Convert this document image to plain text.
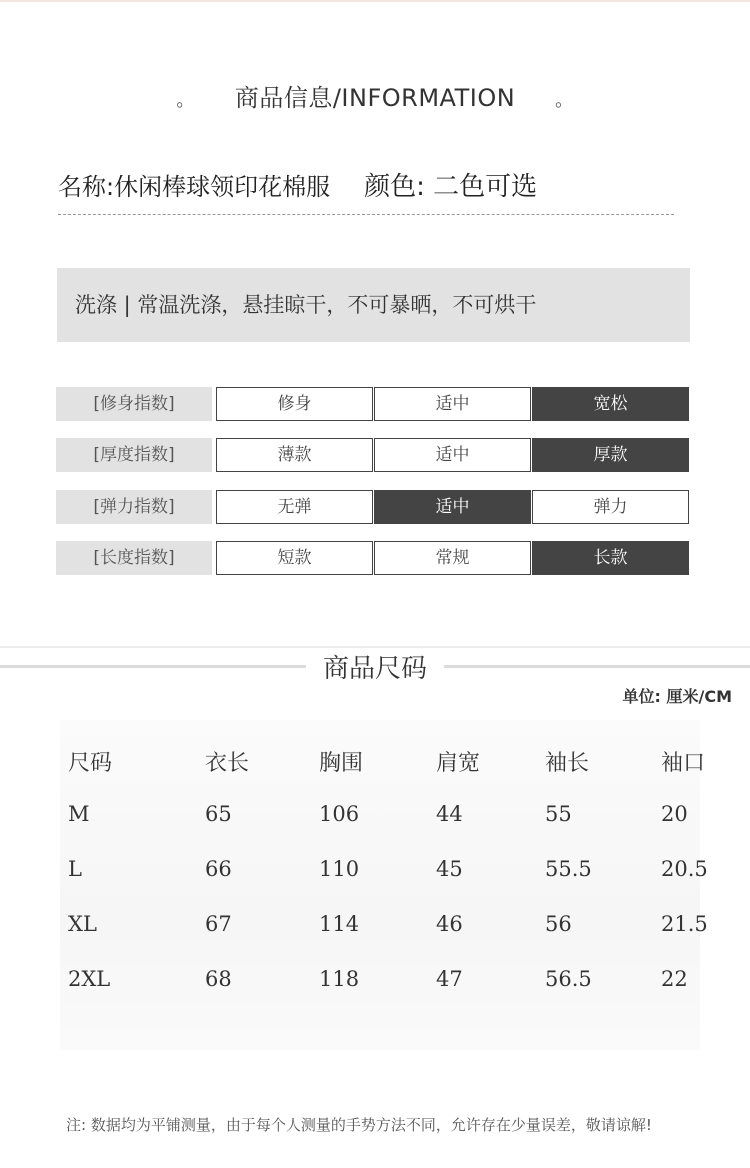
。 商品信息/INFORMATION 。
名称:休闲棒球领印花棉服 颜色: 二色可选
洗涤 | 常温洗涤，悬挂晾干，不可暴晒，不可烘干
[修身指数]	修身	适中	宽松
[厚度指数]	薄款	适中	厚款
[弹力指数]	无弹	适中	弹力
[长度指数]	短款	常规	长款
商品尺码
单位: 厘米/CM
尺码	衣长	胸围	肩宽	袖长	袖口
M	65	106	44	55	20
L	66	110	45	55.5	20.5
XL	67	114	46	56	21.5
2XL	68	118	47	56.5	22
注: 数据均为平铺测量，由于每个人测量的手势方法不同，允许存在少量误差，敬请谅解!
